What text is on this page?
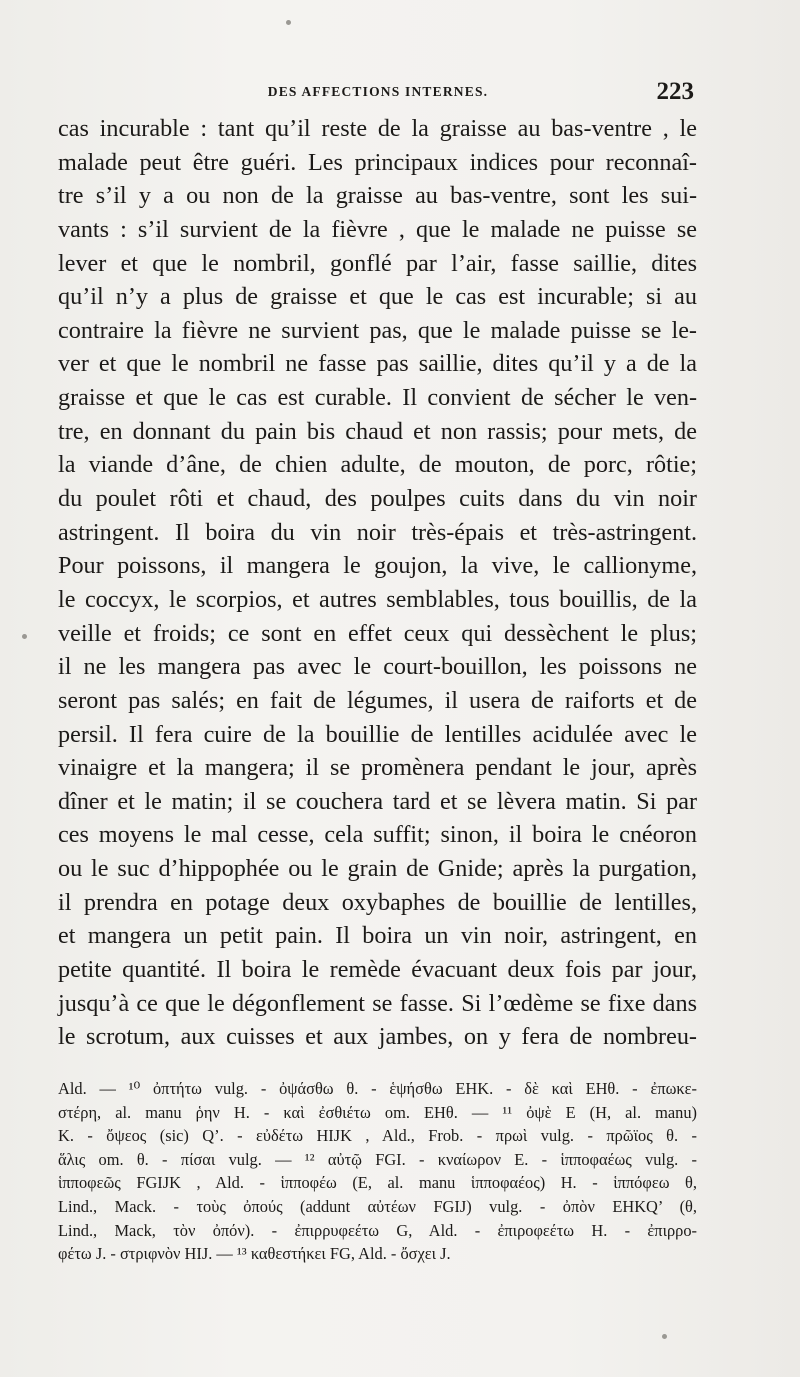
DES AFFECTIONS INTERNES.	223
cas incurable : tant qu’il reste de la graisse au bas-ventre , le
malade peut être guéri. Les principaux indices pour reconnaî-
tre s’il y a ou non de la graisse au bas-ventre, sont les sui-
vants : s’il survient de la fièvre , que le malade ne puisse se
lever et que le nombril, gonflé par l’air, fasse saillie, dites
qu’il n’y a plus de graisse et que le cas est incurable; si au
contraire la fièvre ne survient pas, que le malade puisse se le-
ver et que le nombril ne fasse pas saillie, dites qu’il y a de la
graisse et que le cas est curable. Il convient de sécher le ven-
tre, en donnant du pain bis chaud et non rassis; pour mets, de
la viande d’âne, de chien adulte, de mouton, de porc, rôtie;
du poulet rôti et chaud, des poulpes cuits dans du vin noir
astringent. Il boira du vin noir très-épais et très-astringent.
Pour poissons, il mangera le goujon, la vive, le callionyme,
le coccyx, le scorpios, et autres semblables, tous bouillis, de la
veille et froids; ce sont en effet ceux qui dessèchent le plus;
il ne les mangera pas avec le court-bouillon, les poissons ne
seront pas salés; en fait de légumes, il usera de raiforts et de
persil. Il fera cuire de la bouillie de lentilles acidulée avec le
vinaigre et la mangera; il se promènera pendant le jour, après
dîner et le matin; il se couchera tard et se lèvera matin. Si par
ces moyens le mal cesse, cela suffit; sinon, il boira le cnéoron
ou le suc d’hippophée ou le grain de Gnide; après la purgation,
il prendra en potage deux oxybaphes de bouillie de lentilles,
et mangera un petit pain. Il boira un vin noir, astringent, en
petite quantité. Il boira le remède évacuant deux fois par jour,
jusqu’à ce que le dégonflement se fasse. Si l’œdème se fixe dans
le scrotum, aux cuisses et aux jambes, on y fera de nombreu-
Ald. — ¹⁰ ὀπτήτω vulg. - ὀψάσθω θ. - ἑψήσθω EHK. - δὲ καὶ EHθ. - ἐπωκε-
στέρη, al. manu ῥην H. - καὶ ἐσθιέτω om. EHθ. — ¹¹ ὀψὲ E (H, al. manu)
K. - ὄψεος (sic) Q’. - εὐδέτω HIJK , Ald., Frob. - πρωὶ vulg. - πρῶϊος θ. -
ἅλις om. θ. - πίσαι vulg. — ¹² αὐτῷ FGI. - κναίωρον E. - ἱπποφαέως vulg. -
ἱπποφεῶς FGIJK , Ald. - ἱπποφέω (E, al. manu ἱπποφαέος) H. - ἱππόφεω θ,
Lind., Mack. - τοὺς ὀπούς (addunt αὐτέων FGIJ) vulg. - ὀπὸν EHKQ’ (θ,
Lind., Mack, τὸν ὀπόν). - ἐπιρρυφεέτω G, Ald. - ἐπιροφεέτω H. - ἐπιρρο-
φέτω J. - στριφνὸν HIJ. — ¹³ καθεστήκει FG, Ald. - ὄσχει J.
